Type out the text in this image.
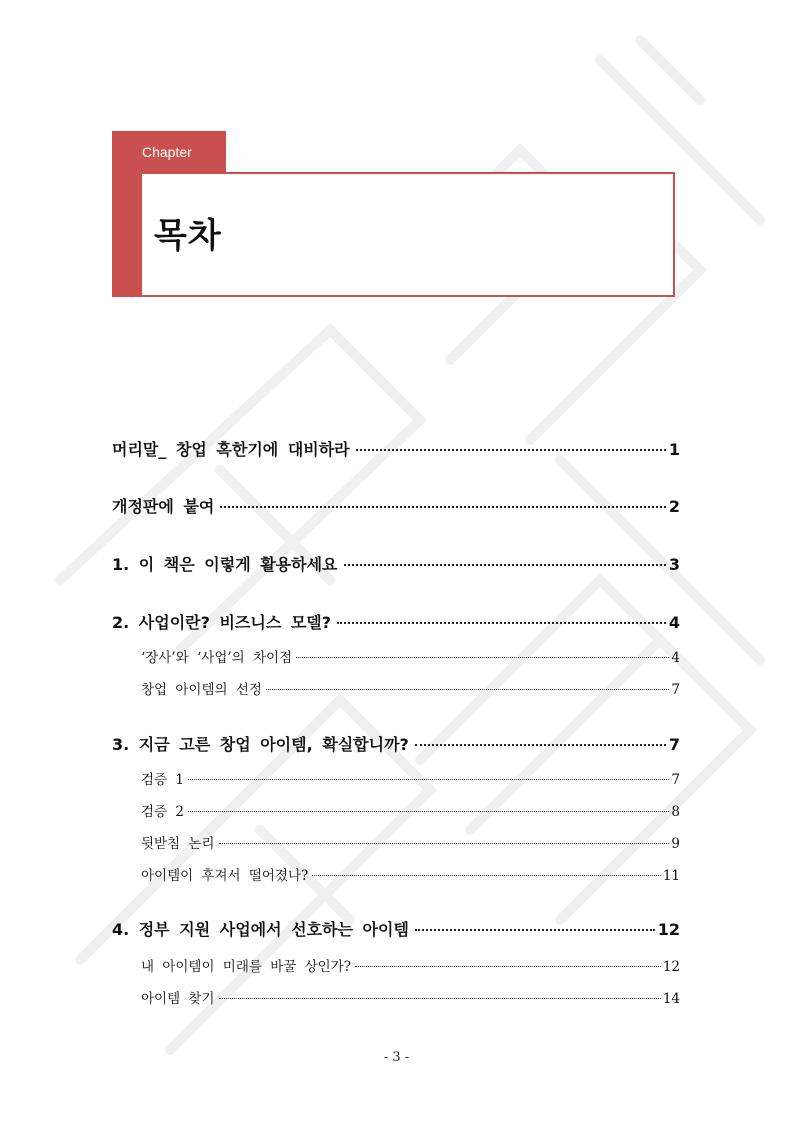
Chapter
목차
머리말_ 창업 혹한기에 대비하라	1
개정판에 붙여	2
1. 이 책은 이렇게 활용하세요	3
2. 사업이란? 비즈니스 모델?	4
‘장사’와 ‘사업’의 차이점	4
창업 아이템의 선정	7
3. 지금 고른 창업 아이템, 확실합니까?	7
검증 1	7
검증 2	8
뒷받침 논리	9
아이템이 후져서 떨어졌나?	11
4. 정부 지원 사업에서 선호하는 아이템	12
내 아이템이 미래를 바꿀 상인가?	12
아이템 찾기	14
- 3 -
